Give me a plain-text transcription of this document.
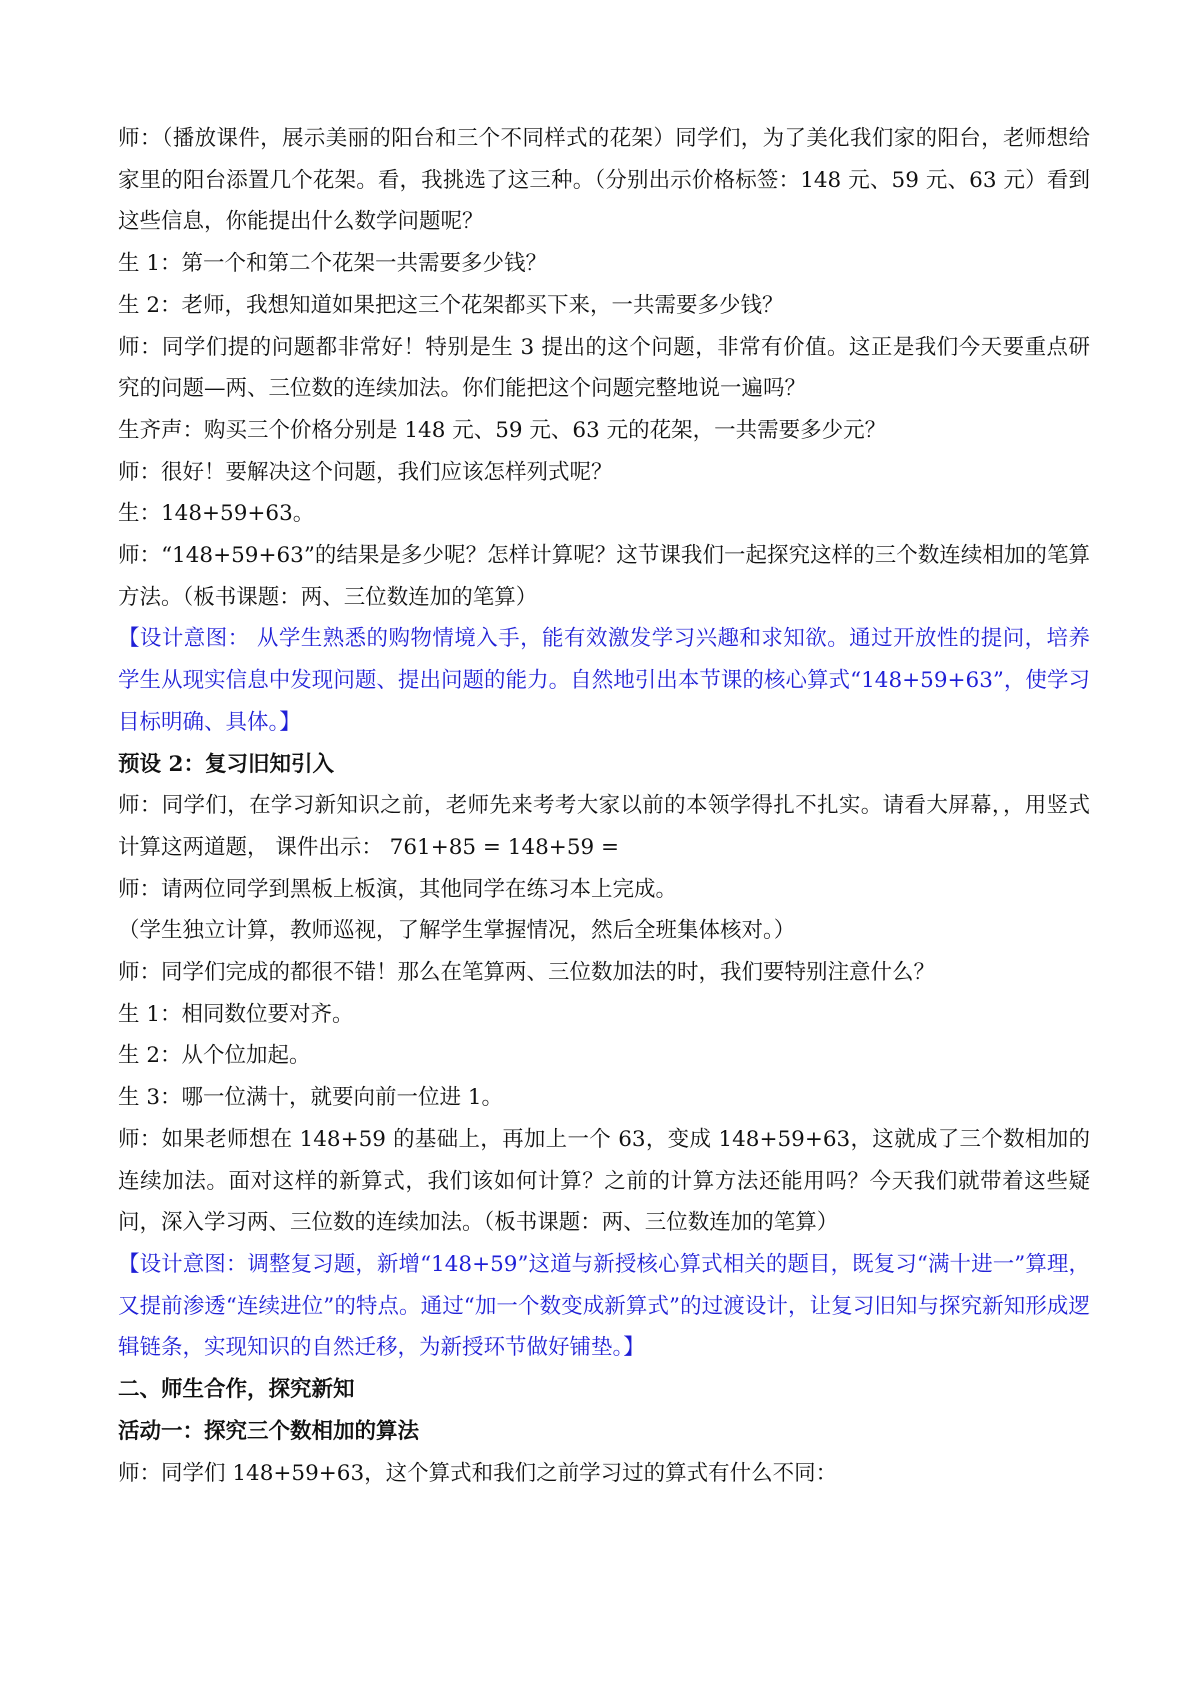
师：（播放课件，展示美丽的阳台和三个不同样式的花架）同学们，为了美化我们家的阳台，老师想给家里的阳台添置几个花架。看，我挑选了这三种。（分别出示价格标签：148 元、59 元、63 元）看到这些信息，你能提出什么数学问题呢？

生 1：第一个和第二个花架一共需要多少钱？

生 2：老师，我想知道如果把这三个花架都买下来，一共需要多少钱？

师：同学们提的问题都非常好！特别是生 3 提出的这个问题，非常有价值。这正是我们今天要重点研究的问题—两、三位数的连续加法。你们能把这个问题完整地说一遍吗？

生齐声：购买三个价格分别是 148 元、59 元、63 元的花架，一共需要多少元？

师：很好！要解决这个问题，我们应该怎样列式呢？

生：148+59+63。

师：“148+59+63”的结果是多少呢？怎样计算呢？这节课我们一起探究这样的三个数连续相加的笔算方法。（板书课题：两、三位数连加的笔算）

【设计意图： 从学生熟悉的购物情境入手，能有效激发学习兴趣和求知欲。通过开放性的提问，培养学生从现实信息中发现问题、提出问题的能力。自然地引出本节课的核心算式“148+59+63”，使学习目标明确、具体。】

预设 2：复习旧知引入

师：同学们，在学习新知识之前，老师先来考考大家以前的本领学得扎不扎实。请看大屏幕，，用竖式计算这两道题， 课件出示： 761+85 = 148+59 =

师：请两位同学到黑板上板演，其他同学在练习本上完成。

（学生独立计算，教师巡视，了解学生掌握情况，然后全班集体核对。）

师：同学们完成的都很不错！那么在笔算两、三位数加法的时，我们要特别注意什么？

生 1：相同数位要对齐。

生 2：从个位加起。

生 3：哪一位满十，就要向前一位进 1。

师：如果老师想在 148+59 的基础上，再加上一个 63，变成 148+59+63，这就成了三个数相加的连续加法。面对这样的新算式，我们该如何计算？之前的计算方法还能用吗？今天我们就带着这些疑问，深入学习两、三位数的连续加法。（板书课题：两、三位数连加的笔算）

【设计意图：调整复习题，新增“148+59”这道与新授核心算式相关的题目，既复习“满十进一”算理，又提前渗透“连续进位”的特点。通过“加一个数变成新算式”的过渡设计，让复习旧知与探究新知形成逻辑链条，实现知识的自然迁移，为新授环节做好铺垫。】

二、师生合作，探究新知

活动一：探究三个数相加的算法

师：同学们 148+59+63，这个算式和我们之前学习过的算式有什么不同：
